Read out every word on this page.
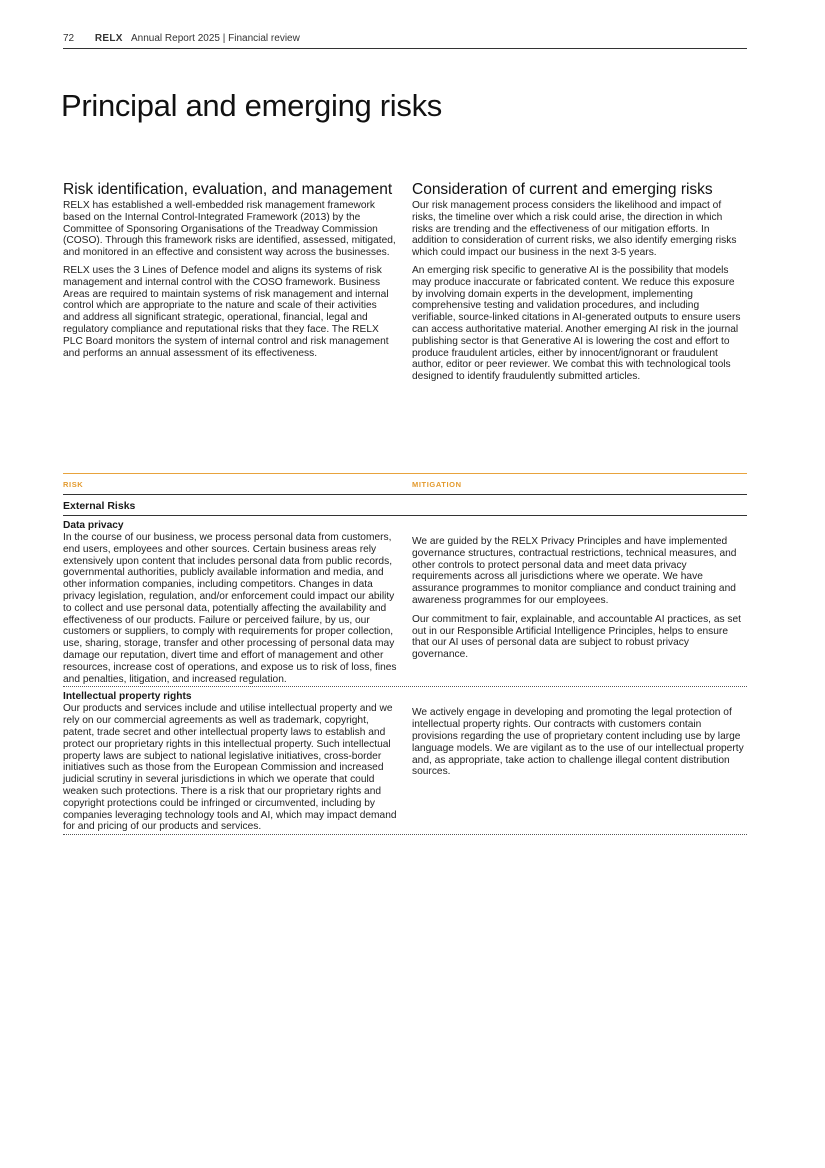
72 RELX Annual Report 2025 | Financial review
Principal and emerging risks
Risk identification, evaluation, and management

RELX has established a well-embedded risk management framework based on the Internal Control-Integrated Framework (2013) by the Committee of Sponsoring Organisations of the Treadway Commission (COSO). Through this framework risks are identified, assessed, mitigated, and monitored in an effective and consistent way across the businesses.

RELX uses the 3 Lines of Defence model and aligns its systems of risk management and internal control with the COSO framework. Business Areas are required to maintain systems of risk management and internal control which are appropriate to the nature and scale of their activities and address all significant strategic, operational, financial, legal and regulatory compliance and reputational risks that they face. The RELX PLC Board monitors the system of internal control and risk management and performs an annual assessment of its effectiveness.

Consideration of current and emerging risks

Our risk management process considers the likelihood and impact of risks, the timeline over which a risk could arise, the direction in which risks are trending and the effectiveness of our mitigation efforts. In addition to consideration of current risks, we also identify emerging risks which could impact our business in the next 3-5 years.

An emerging risk specific to generative AI is the possibility that models may produce inaccurate or fabricated content. We reduce this exposure by involving domain experts in the development, implementing comprehensive testing and validation procedures, and including verifiable, source-linked citations in AI-generated outputs to ensure users can access authoritative material. Another emerging AI risk in the journal publishing sector is that Generative AI is lowering the cost and effort to produce fraudulent articles, either by innocent/ignorant or fraudulent author, editor or peer reviewer. We combat this with technological tools designed to identify fraudulently submitted articles.

RISK	MITIGATION
External Risks
Data privacy

In the course of our business, we process personal data from customers, end users, employees and other sources. Certain business areas rely extensively upon content that includes personal data from public records, governmental authorities, publicly available information and media, and other information companies, including competitors. Changes in data privacy legislation, regulation, and/or enforcement could impact our ability to collect and use personal data, potentially affecting the availability and effectiveness of our products. Failure or perceived failure, by us, our customers or suppliers, to comply with requirements for proper collection, use, sharing, storage, transfer and other processing of personal data may damage our reputation, divert time and effort of management and other resources, increase cost of operations, and expose us to risk of loss, fines and penalties, litigation, and increased regulation.

We are guided by the RELX Privacy Principles and have implemented governance structures, contractual restrictions, technical measures, and other controls to protect personal data and meet data privacy requirements across all jurisdictions where we operate. We have assurance programmes to monitor compliance and conduct training and awareness programmes for our employees.

Our commitment to fair, explainable, and accountable AI practices, as set out in our Responsible Artificial Intelligence Principles, helps to ensure that our AI uses of personal data are subject to robust privacy governance.

Intellectual property rights

Our products and services include and utilise intellectual property and we rely on our commercial agreements as well as trademark, copyright, patent, trade secret and other intellectual property laws to establish and protect our proprietary rights in this intellectual property. Such intellectual property laws are subject to national legislative initiatives, cross-border initiatives such as those from the European Commission and increased judicial scrutiny in several jurisdictions in which we operate that could weaken such protections. There is a risk that our proprietary rights and copyright protections could be infringed or circumvented, including by companies leveraging technology tools and AI, which may impact demand for and pricing of our products and services.

We actively engage in developing and promoting the legal protection of intellectual property rights. Our contracts with customers contain provisions regarding the use of proprietary content including use by large language models. We are vigilant as to the use of our intellectual property and, as appropriate, take action to challenge illegal content distribution sources.
